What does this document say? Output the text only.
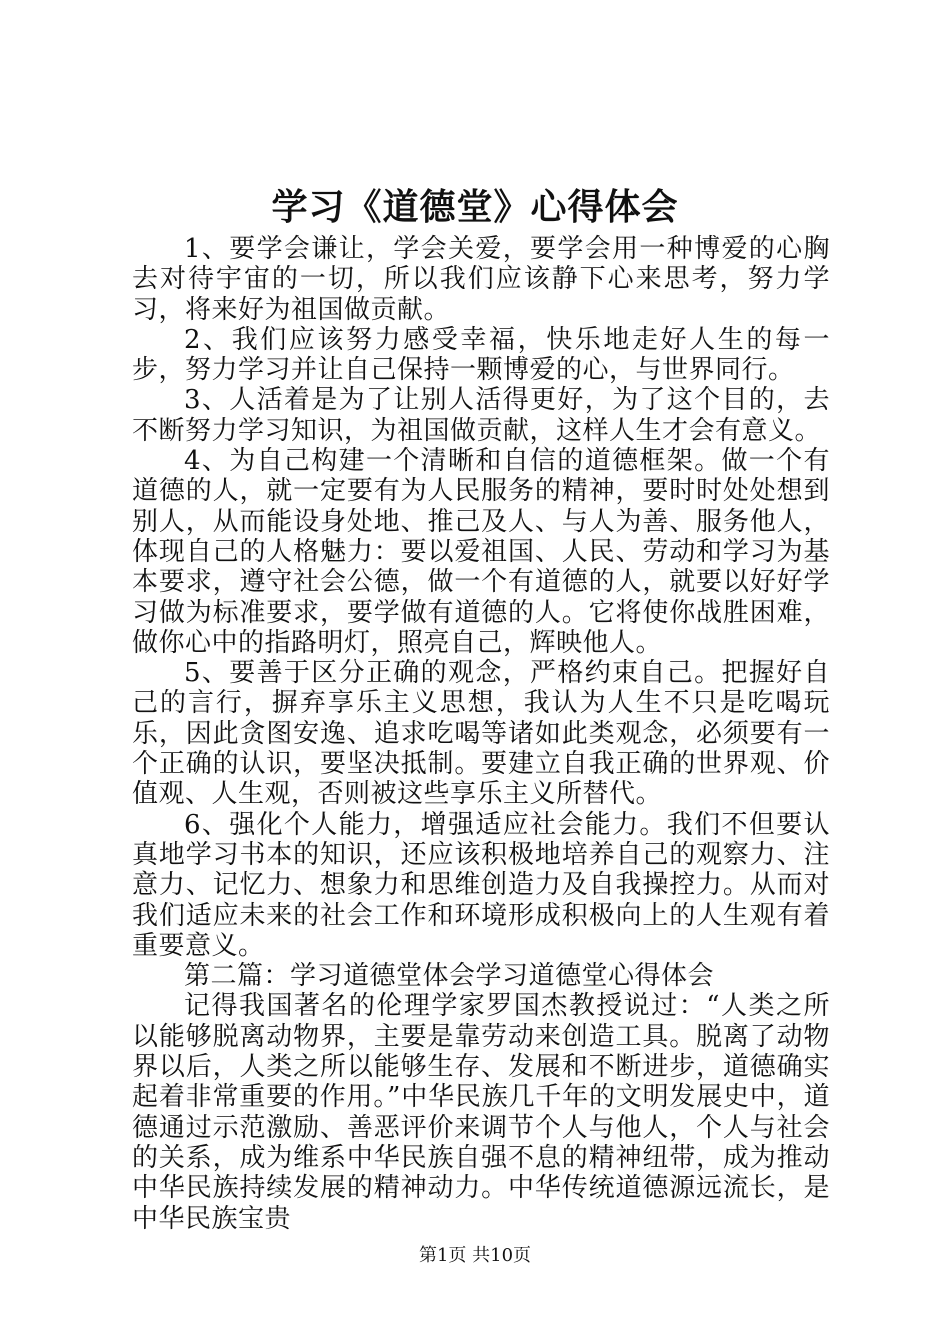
学习《道德堂》心得体会

1、要学会谦让，学会关爱，要学会用一种博爱的心胸去对待宇宙的一切，所以我们应该静下心来思考，努力学习，将来好为祖国做贡献。

2、我们应该努力感受幸福，快乐地走好人生的每一步，努力学习并让自己保持一颗博爱的心，与世界同行。

3、人活着是为了让别人活得更好，为了这个目的，去不断努力学习知识，为祖国做贡献，这样人生才会有意义。

4、为自己构建一个清晰和自信的道德框架。做一个有道德的人，就一定要有为人民服务的精神，要时时处处想到别人，从而能设身处地、推己及人、与人为善、服务他人，体现自己的人格魅力：要以爱祖国、人民、劳动和学习为基本要求，遵守社会公德，做一个有道德的人，就要以好好学习做为标准要求，要学做有道德的人。它将使你战胜困难，做你心中的指路明灯，照亮自己，辉映他人。

5、要善于区分正确的观念，严格约束自己。把握好自己的言行，摒弃享乐主义思想，我认为人生不只是吃喝玩乐，因此贪图安逸、追求吃喝等诸如此类观念，必须要有一个正确的认识，要坚决抵制。要建立自我正确的世界观、价值观、人生观，否则被这些享乐主义所替代。

6、强化个人能力，增强适应社会能力。我们不但要认真地学习书本的知识，还应该积极地培养自己的观察力、注意力、记忆力、想象力和思维创造力及自我操控力。从而对我们适应未来的社会工作和环境形成积极向上的人生观有着重要意义。

第二篇：学习道德堂体会学习道德堂心得体会

记得我国著名的伦理学家罗国杰教授说过：“人类之所以能够脱离动物界，主要是靠劳动来创造工具。脱离了动物界以后，人类之所以能够生存、发展和不断进步，道德确实起着非常重要的作用。”中华民族几千年的文明发展史中，道德通过示范激励、善恶评价来调节个人与他人，个人与社会的关系，成为维系中华民族自强不息的精神纽带，成为推动中华民族持续发展的精神动力。中华传统道德源远流长，是中华民族宝贵

第1页 共10页
